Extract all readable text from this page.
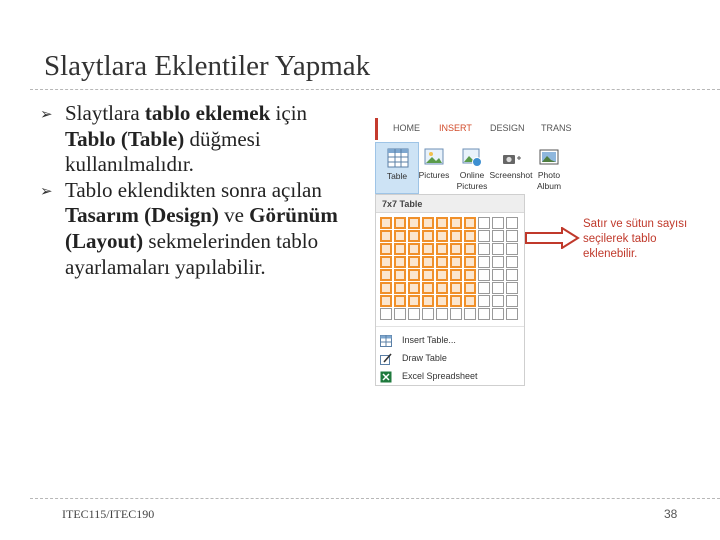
Slaytlara Eklentiler Yapmak

➢ Slaytlara tablo eklemek için Tablo (Table) düğmesi kullanılmalıdır.

➢ Tablo eklendikten sonra açılan Tasarım (Design) ve Görünüm (Layout) sekmelerinden tablo ayarlamaları yapılabilir.

HOME INSERT DESIGN TRANS
Table	Pictures	Online Pictures
Screenshot Photo Album
7x7 Table
Insert Table...
Draw Table
Excel Spreadsheet
Satır ve sütun sayısı seçilerek tablo eklenebilir.
ITEC115/ITEC190	38
